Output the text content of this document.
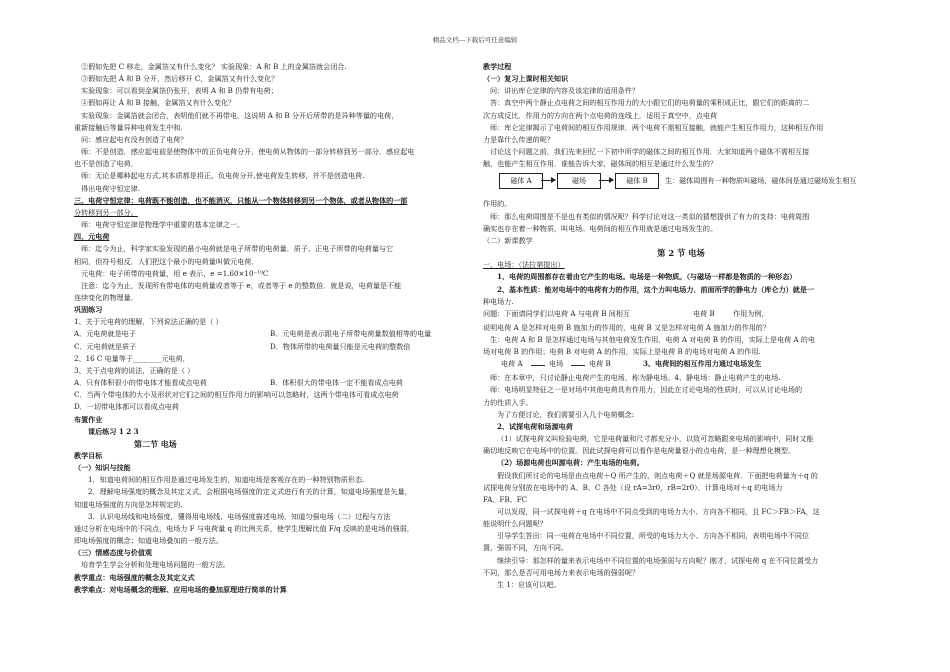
精品文档---下载后可任意编辑

②假如先把 C 移走，金属箔又有什么变化？ 实验现象：A 和 B 上的金属箔就会闭合.

③假如先把 A 和 B 分开，然后移开 C，金属箔又有什么变化？

实验现象：可以看到金属箔仍张开，表明 A 和 B 仍带有电荷；

④假如再让 A 和 B 接触，金属箔又有什么变化？

实验现象：金属箔就会闭合，表明他们就不再带电．这说明 A 和 B 分开后所带的是异种等量的电荷，

重新接触后等量异种电荷发生中和．

问：感应起电有没有创造了电荷？

师：不是创造．感应起电前是使物体中的正负电荷分开，使电荷从物体的一部分转移到另一部分．感应起电

也不是创造了电荷．

师：无论是哪种起电方式,其本质都是将正、负电荷分开,使电荷发生转移，并不是创造电荷.

得出电荷守恒定律.

三、电荷守恒定律：电荷既不能创造，也不能消灭，只能从一个物体转移到另一个物体，或者从物体的一部

分转移到另一部分。

师：电荷守恒定律是物理学中重要的基本定律之一。

四、元电荷

师：迄今为止，科学家实验发现的最小电荷就是电子所带的电荷量．质子、正电子所带的电荷量与它

相同，但符号相反．人们把这个最小的电荷量叫做元电荷．

元电荷：电子所带的电荷量，用 e 表示，e =1.60×10⁻¹⁹C

注意：迄今为止，发现所有带电体的电荷量或者等于 e，或者等于 e 的整数倍．就是说，电荷量是不能

连续变化的物理量．

巩固练习

1、关于元电荷的理解，下列说法正确的是（ ）

A．元电荷就是电子	B．元电荷是表示跟电子所带电荷量数值相等的电量
C．元电荷就是质子	D．物体所带的电荷量只能是元电荷的整数倍

2、16 C 电量等于________元电荷．

3、关于点电荷的说法，正确的是（ ）

A．只有体积很小的带电体才能看成点电荷	B．体积很大的带电体一定不能看成点电荷

C．当两个带电体的大小及形状对它们之间的相互作用力的影响可以忽略时，这两个带电体可看成点电荷

D．一切带电体都可以看成点电荷

布置作业

课后练习 1 2 3

第二节 电场

教学目标

（一）知识与技能

1．知道电荷间的相互作用是通过电场发生的，知道电场是客观存在的一种特别物质形态.

2．理解电场强度的概念及其定义式，会根据电场强度的定义式进行有关的计算，知道电场强度是矢量，

知道电场强度的方向是怎样规定的.

3．认识电场线和电场强度，懂得用电场线、电场强度描述电场，知道匀强电场（二）过程与方法

通过分析在电场中的不同点，电场力 F 与电荷量 q 的比例关系，使学生理解比值 F/q 反映的是电场的强弱，

即电场强度的概念；知道电场叠加的一般方法。

（三）情感态度与价值观

培育学生学会分析和处理电场问题的一般方法。

教学重点：电场强度的概念及其定义式

教学难点：对电场概念的理解、应用电场的叠加原理进行简单的计算

教学过程

（一）复习上课时相关知识

问：讲出库仑定律的内容及该定律的适用条件？

答：真空中两个静止点电荷之间的相互作用力的大小跟它们的电荷量的乘积成正比，跟它们的距离的二

次方成反比．作用力的方向在两个点电荷的连线上．适用于真空中，点电荷

师：库仑定律揭示了电荷间的相互作用规律．两个电荷不需相互接触，就能产生相互作用力，这种相互作用

力是靠什么传递的呢？

讨论这个问题之前，我们先来回忆一下初中所学的磁体之间的相互作用．大家知道两个磁体不需相互接

触，也能产生相互作用．谁能告诉大家，磁体间的相互是通过什么发生的？

磁体 A	磁场	磁体 B	生：磁体周围有一种物质叫磁场，磁体间是通过磁场发生相互

作用的。

师：那么电荷周围是不是也有类似的情况呢？科学讨论对这一类似的猜想提供了有力的支持：电荷周围

确实也存在着一种物质，叫电场。电荷间的相互作用就是通过电场发生的。

（二）新课教学

第 2 节 电场

一、电场：（法拉第提出）

1、电荷的周围都存在着由它产生的电场。电场是一种物质。（与磁场一样都是物质的一种形态）

2、基本性质：能对电场中的电荷有力的作用，这个力叫电场力．前面所学的静电力（库仑力）就是一

种电场力.

问题：下面请同学们以电荷 A 与电荷 B 间相互	电荷 B	作用为例，

说明电荷 A 是怎样对电荷 B 施加力的作用的，电荷 B 又是怎样对电荷 A 施加力的作用的？

生：电荷 A 和 B 是怎样通过电场与其他电荷发生作用．电荷 A 对电荷 B 的作用，实际上是电荷 A 的电

场对电荷 B 的作用；电荷 B 对电荷 A 的作用，实际上是电荷 B 的电场对电荷 A 的作用.

电荷 A	电场	电荷 B	3、电荷间的相互作用力通过电场发生

师：在本章中，只讨论静止电荷产生的电场，称为静电场。4、静电场：静止电荷产生的电场.

师：电场明显特征之一是对场中其他电荷具有作用力，因此在讨论电场的性质时，可以从讨论电场的

力的性质入手。

为了方便讨论，我们需要引入几个电荷概念:

2、试探电荷和场源电荷

（1）试探电荷又叫检验电荷，它是电荷量和尺寸都充分小，以致可忽略跟来电场的影响中，同时又能

确切地反映它在电场中的位置。因此试探电荷可以看作是电荷量很小的点电荷，是一种理想化模型。

（2）场源电荷也叫源电荷：产生电场的电荷。

假设我们所讨论的电场是由点电荷＋Q 所产生的，则点电荷＋Q 就是场源电荷．下面把电荷量为＋q 的

试探电荷分别放在电场中的 A、B、C 各处（设 rA=3r0，rB=2r0）．计算电场对＋q 的电场力

FA、FB、FC

可以发现，同一试探电荷＋q 在电场中不同点受到的电场力大小、方向各不相同，且 FC＞FB＞FA，这

能说明什么问题呢？

引导学生答出：同一电荷在电场中不同位置，所受的电场力大小、方向各不相同，表明电场中不同位

置，强弱不同，方向不同。

继续引导：那怎样的量来表示电场中不同位置的电场强弱与方向呢？刚才，试探电荷 q 在不同位置受力

不同，那么是否可用电场力来表示电场的强弱呢？

生 1：应该可以吧。
